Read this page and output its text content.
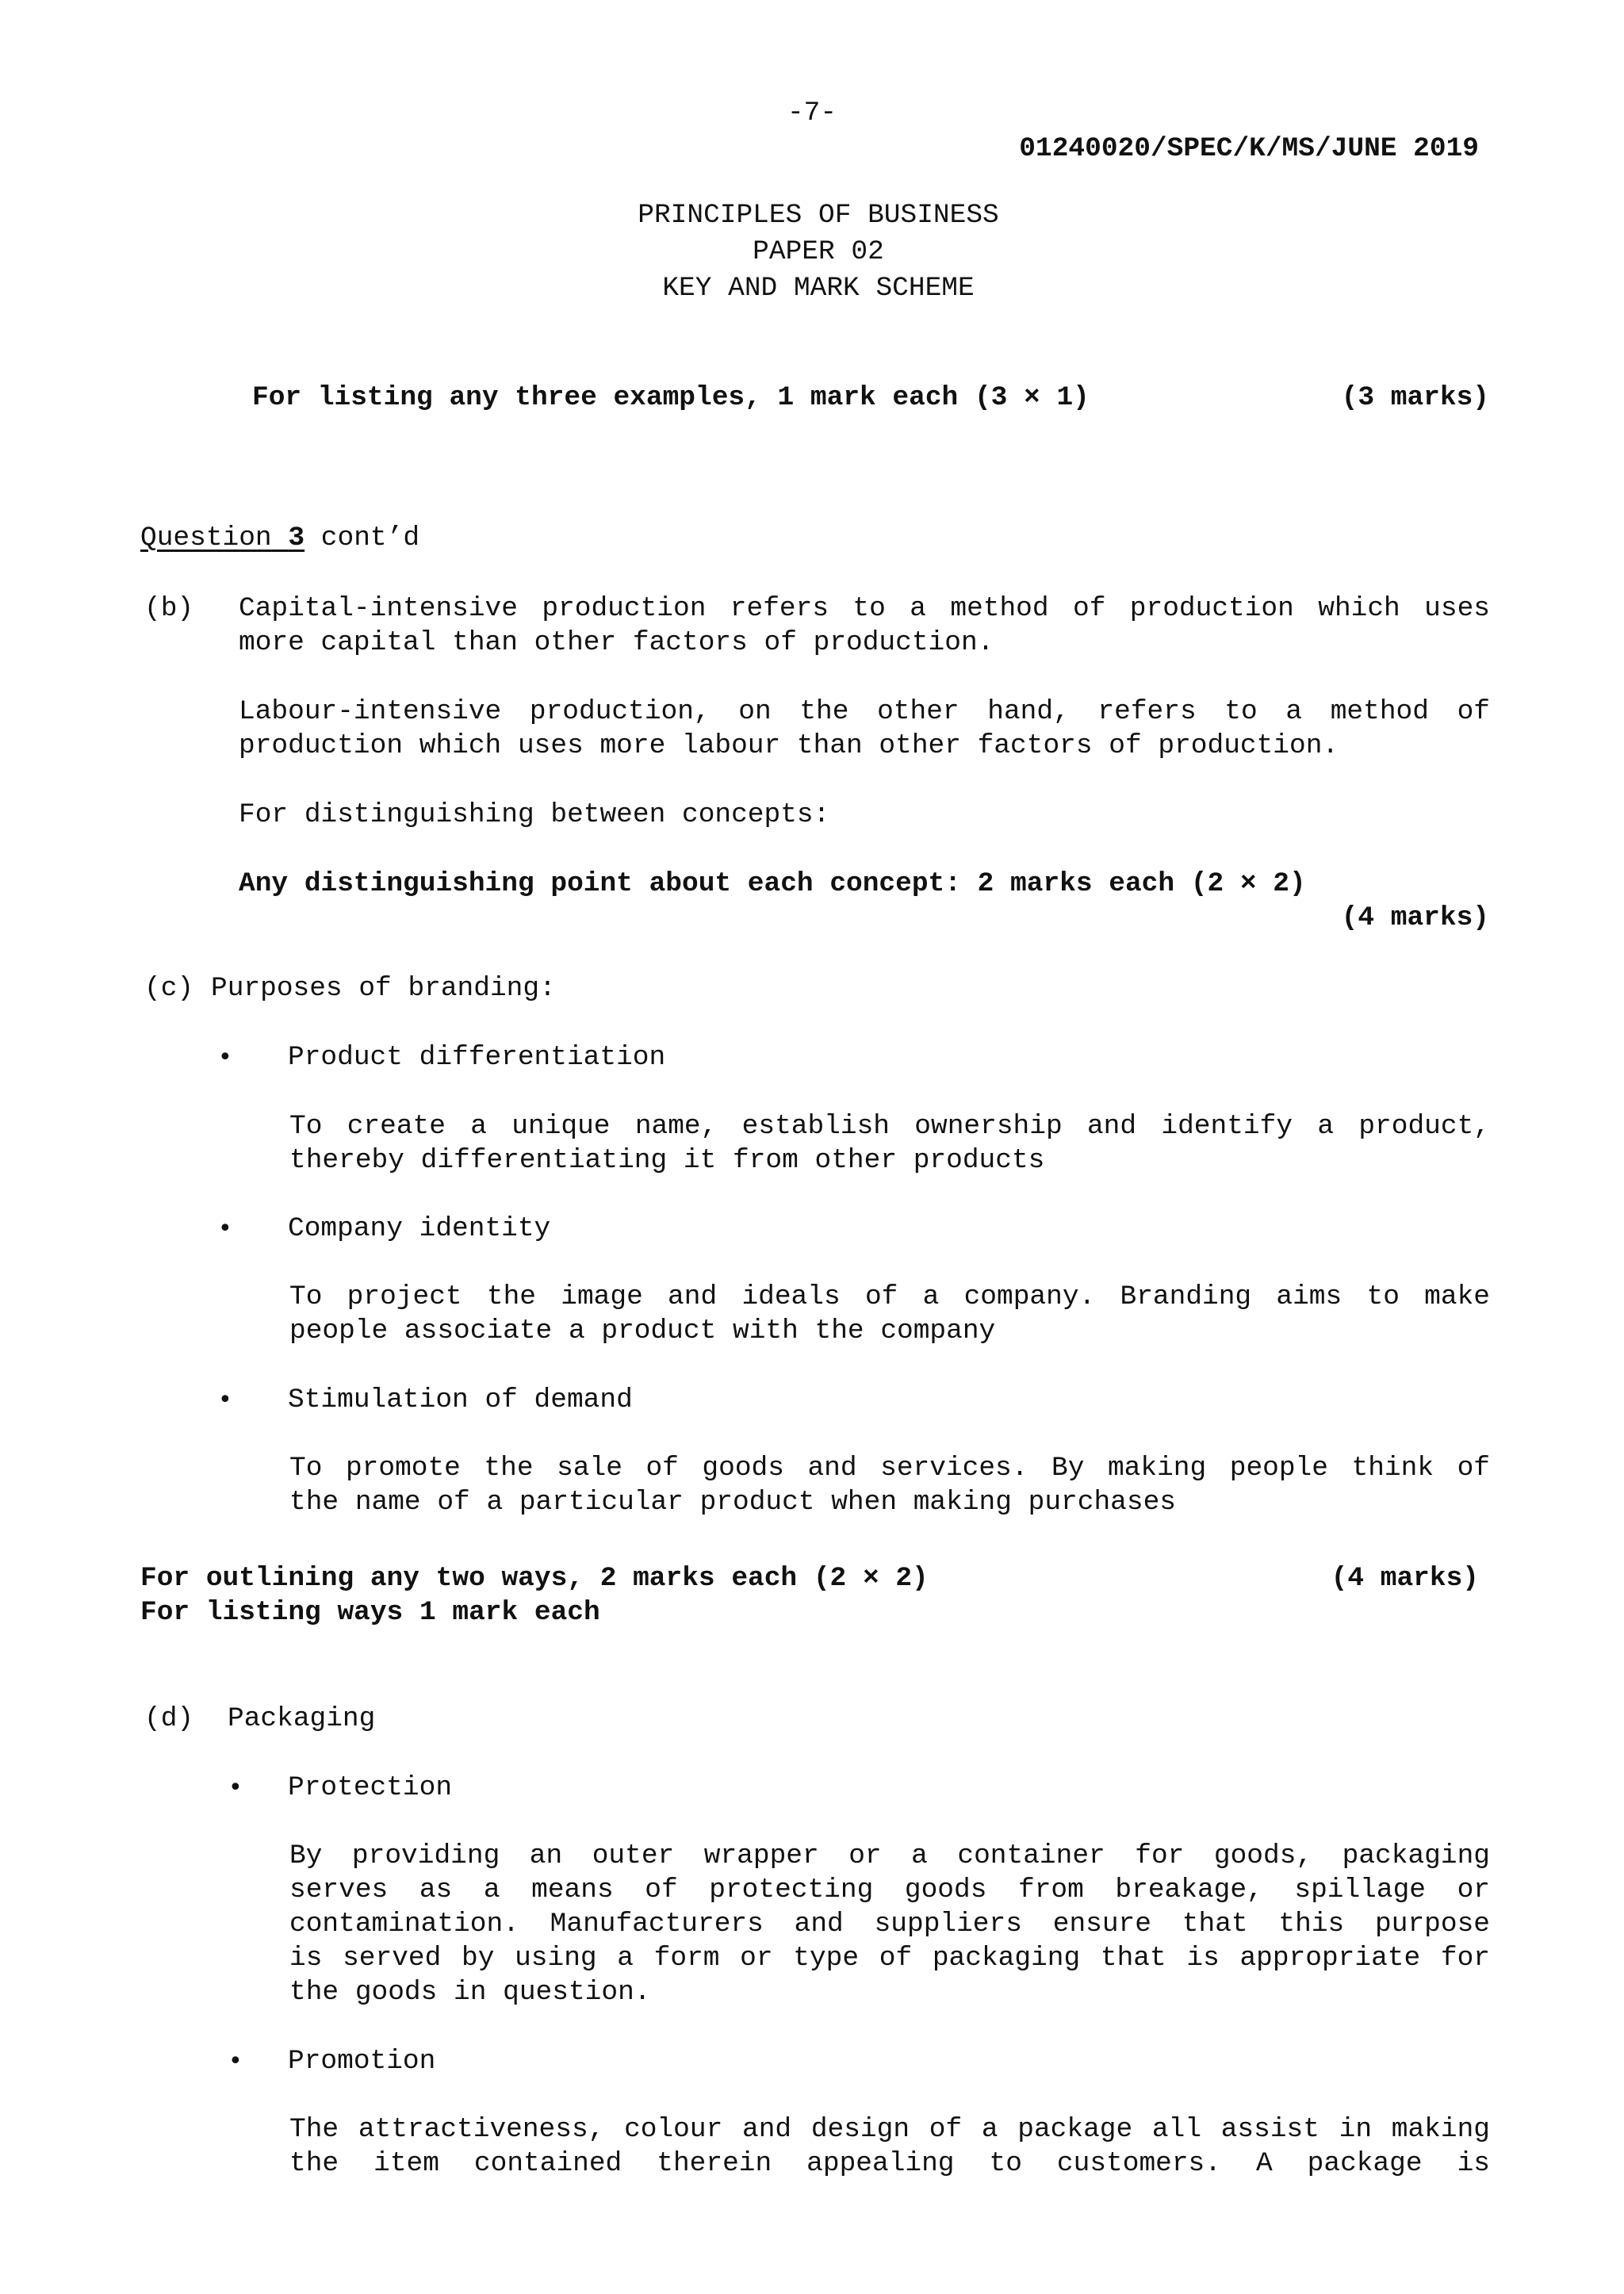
-7-
01240020/SPEC/K/MS/JUNE 2019
PRINCIPLES OF BUSINESS
PAPER 02
KEY AND MARK SCHEME
For listing any three examples, 1 mark each (3 × 1)	(3 marks)
Question 3 cont’d
(b) Capital-intensive production refers to a method of production which uses
more capital than other factors of production.
Labour-intensive production, on the other hand, refers to a method of
production which uses more labour than other factors of production.
For distinguishing between concepts:
Any distinguishing point about each concept: 2 marks each (2 × 2)
(4 marks)
(c) Purposes of branding:
• Product differentiation
To create a unique name, establish ownership and identify a product,
thereby differentiating it from other products
• Company identity
To project the image and ideals of a company. Branding aims to make
people associate a product with the company
• Stimulation of demand
To promote the sale of goods and services. By making people think of
the name of a particular product when making purchases
For outlining any two ways, 2 marks each (2 × 2)	(4 marks)
For listing ways 1 mark each
(d) Packaging
• Protection
By providing an outer wrapper or a container for goods, packaging
serves as a means of protecting goods from breakage, spillage or
contamination. Manufacturers and suppliers ensure that this purpose
is served by using a form or type of packaging that is appropriate for
the goods in question.
• Promotion
The attractiveness, colour and design of a package all assist in making
the item contained therein appealing to customers. A package is
